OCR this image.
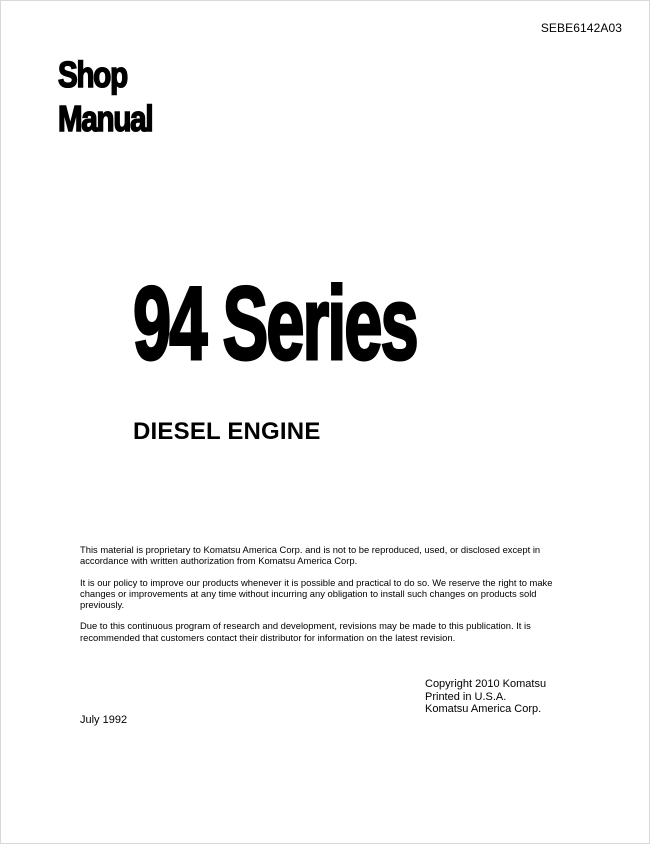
SEBE6142A03
Shop
Manual
94 Series
DIESEL ENGINE

This material is proprietary to Komatsu America Corp. and is not to be reproduced, used, or disclosed except in accordance with written authorization from Komatsu America Corp.

It is our policy to improve our products whenever it is possible and practical to do so. We reserve the right to make changes or improvements at any time without incurring any obligation to install such changes on products sold previously.

Due to this continuous program of research and development, revisions may be made to this publication. It is recommended that customers contact their distributor for information on the latest revision.

Copyright 2010 Komatsu
Printed in U.S.A.
Komatsu America Corp.
July 1992
